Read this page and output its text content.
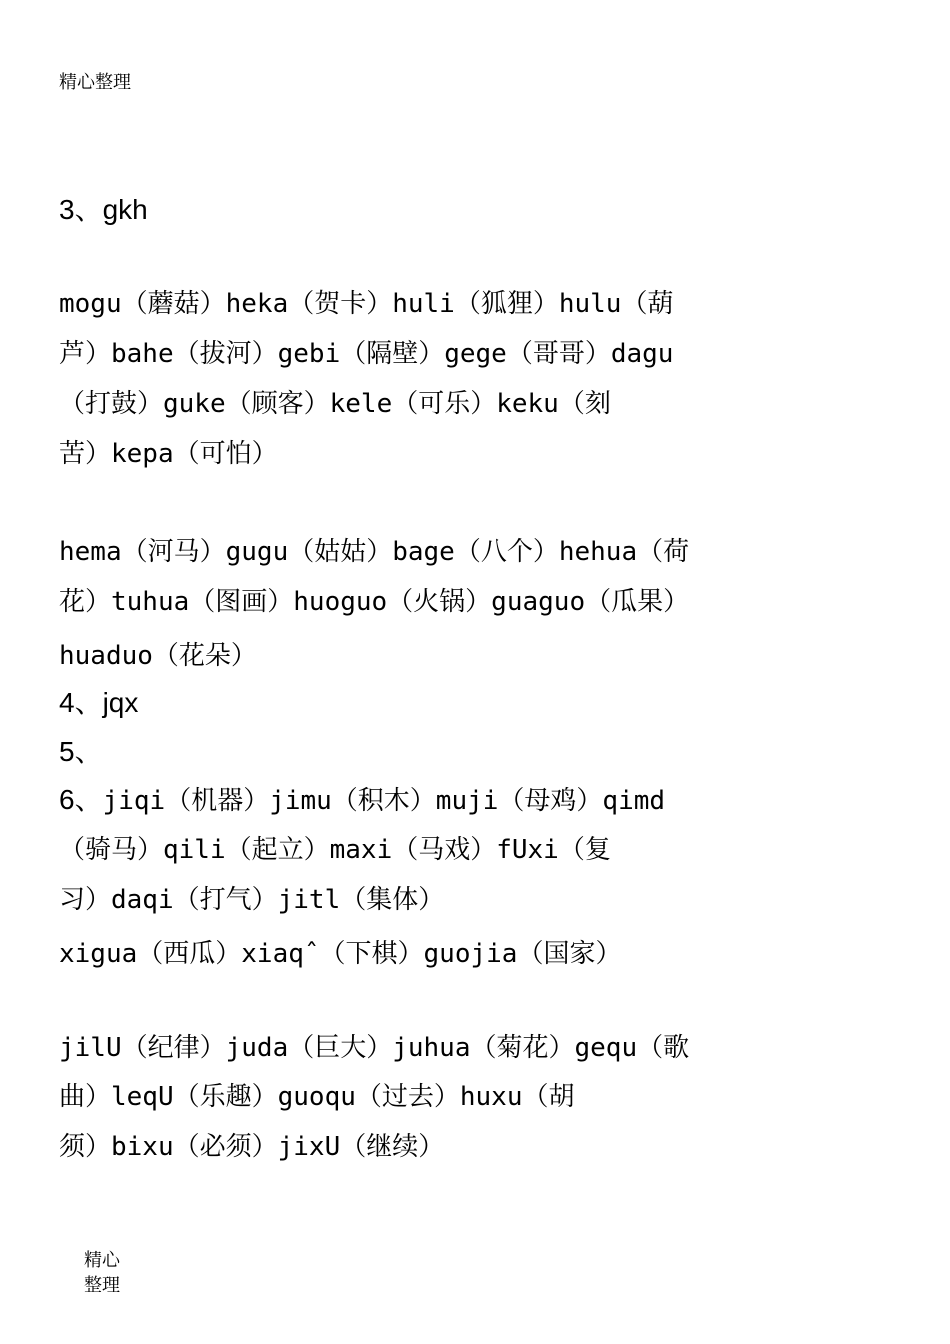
精心整理
3、gkh
mogu（蘑菇）heka（贺卡）huli（狐狸）hulu（葫
芦）bahe（拔河）gebi（隔壁）gege（哥哥）dagu
（打鼓）guke（顾客）kele（可乐）keku（刻
苦）kepa（可怕）
hema（河马）gugu（姑姑）bage（八个）hehua（荷
花）tuhua（图画）huoguo（火锅）guaguo（瓜果）
huaduo（花朵）
4、jqx
5、
6、jiqi（机器）jimu（积木）muji（母鸡）qimd
（骑马）qili（起立）maxi（马戏）fUxi（复
习）daqi（打气）jitl（集体）
xigua（西瓜）xiaqˆ（下棋）guojia（国家）
jilU（纪律）juda（巨大）juhua（菊花）gequ（歌
曲）leqU（乐趣）guoqu（过去）huxu（胡
须）bixu（必须）jixU（继续）
精心
整理
